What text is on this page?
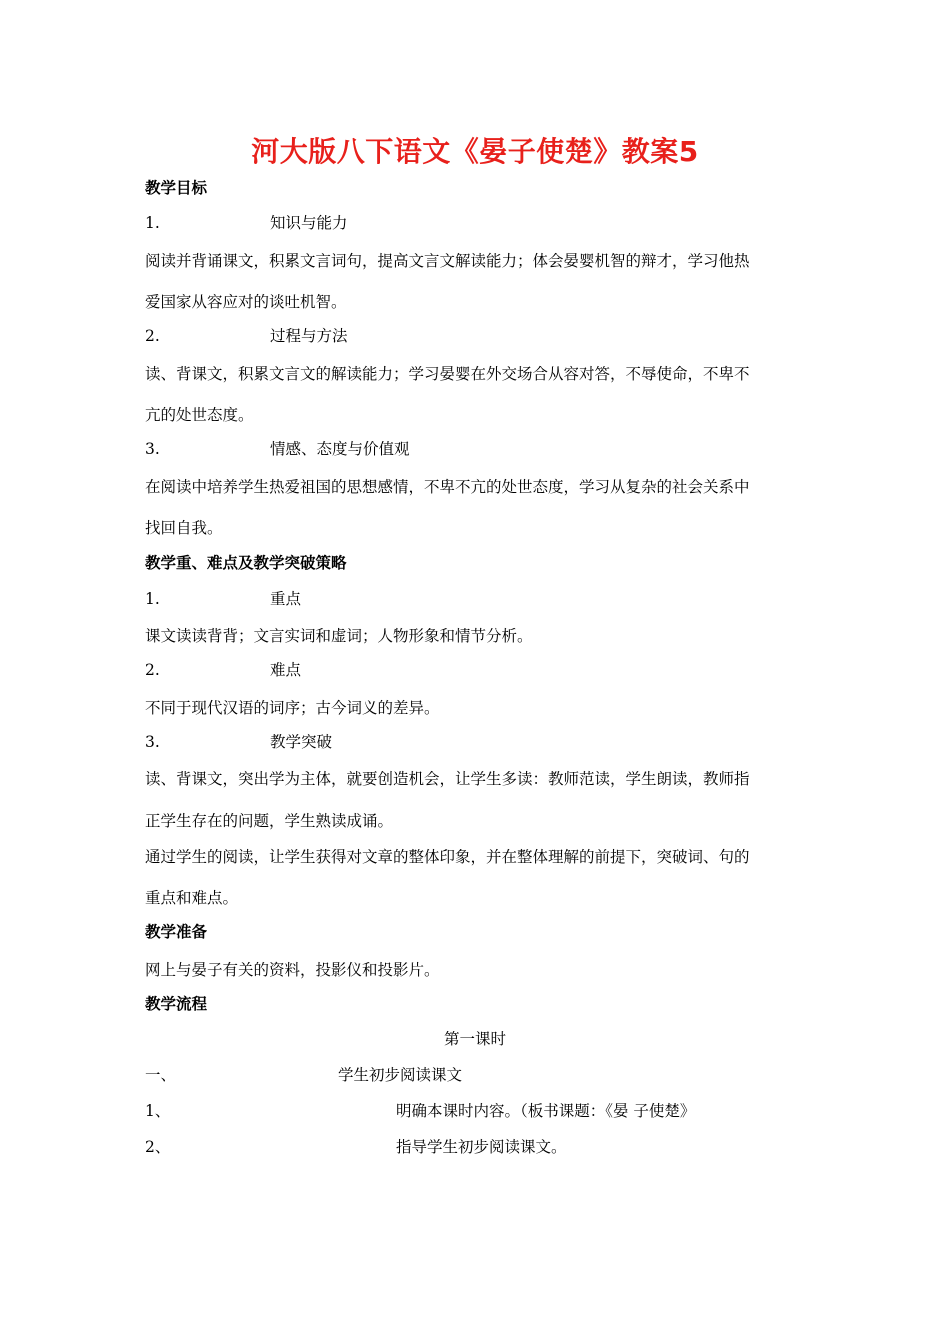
河大版八下语文《晏子使楚》教案5
教学目标
1.	知识与能力
阅读并背诵课文，积累文言词句，提高文言文解读能力；体会晏婴机智的辩才，学习他热
爱国家从容应对的谈吐机智。
2.	过程与方法
读、背课文，积累文言文的解读能力；学习晏婴在外交场合从容对答，不辱使命，不卑不
亢的处世态度。
3.	情感、态度与价值观
在阅读中培养学生热爱祖国的思想感情，不卑不亢的处世态度，学习从复杂的社会关系中
找回自我。
教学重、难点及教学突破策略
1.	重点
课文读读背背；文言实词和虚词；人物形象和情节分析。
2.	难点
不同于现代汉语的词序；古今词义的差异。
3.	教学突破
读、背课文，突出学为主体，就要创造机会，让学生多读：教师范读，学生朗读，教师指
正学生存在的问题，学生熟读成诵。
通过学生的阅读，让学生获得对文章的整体印象，并在整体理解的前提下，突破词、句的
重点和难点。
教学准备
网上与晏子有关的资料，投影仪和投影片。
教学流程
第一课时
一、	学生初步阅读课文
1、	明确本课时内容。（板书课题：《晏 子使楚》
2、	指导学生初步阅读课文。
